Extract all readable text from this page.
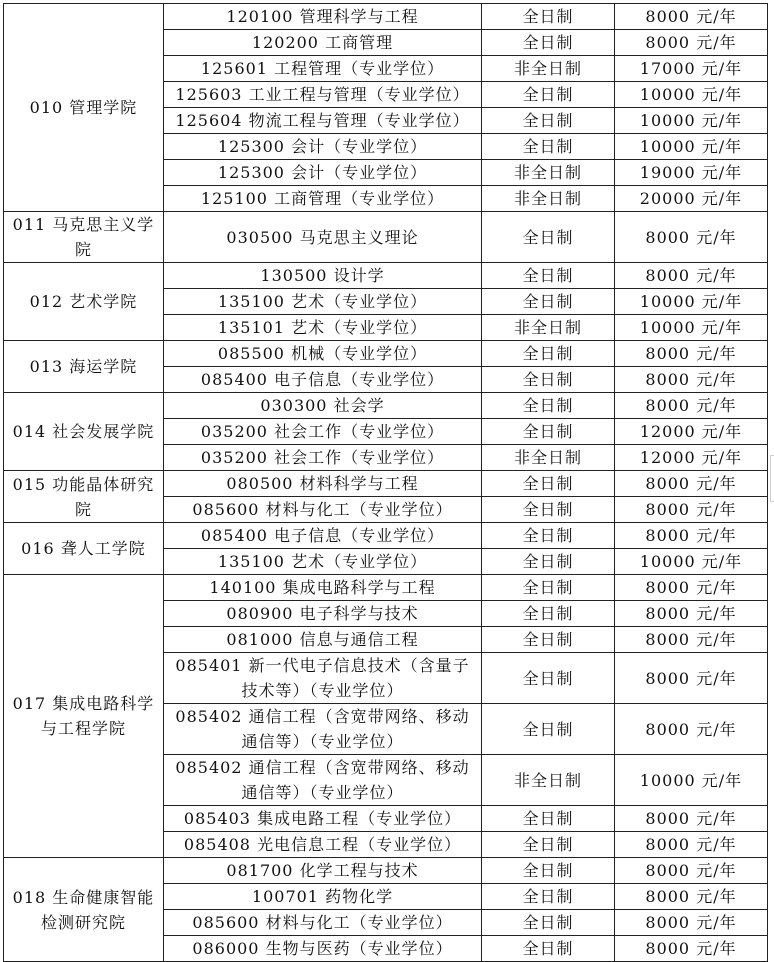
010 管理学院	120100 管理科学与工程	全日制	8000 元/年
	120200 工商管理	全日制	8000 元/年
	125601 工程管理（专业学位）	非全日制	17000 元/年
	125603 工业工程与管理（专业学位）	全日制	10000 元/年
	125604 物流工程与管理（专业学位）	全日制	10000 元/年
	125300 会计（专业学位）	全日制	10000 元/年
	125300 会计（专业学位）	非全日制	19000 元/年
	125100 工商管理（专业学位）	非全日制	20000 元/年
011 马克思主义学院	030500 马克思主义理论	全日制	8000 元/年
012 艺术学院	130500 设计学	全日制	8000 元/年
	135100 艺术（专业学位）	全日制	10000 元/年
	135101 艺术（专业学位）	非全日制	10000 元/年
013 海运学院	085500 机械（专业学位）	全日制	8000 元/年
	085400 电子信息（专业学位）	全日制	8000 元/年
014 社会发展学院	030300 社会学	全日制	8000 元/年
	035200 社会工作（专业学位）	全日制	12000 元/年
	035200 社会工作（专业学位）	非全日制	12000 元/年
015 功能晶体研究院	080500 材料科学与工程	全日制	8000 元/年
	085600 材料与化工（专业学位）	全日制	8000 元/年
016 聋人工学院	085400 电子信息（专业学位）	全日制	8000 元/年
	135100 艺术（专业学位）	全日制	10000 元/年
017 集成电路科学与工程学院	140100 集成电路科学与工程	全日制	8000 元/年
	080900 电子科学与技术	全日制	8000 元/年
	081000 信息与通信工程	全日制	8000 元/年
	085401 新一代电子信息技术（含量子技术等）（专业学位）	全日制	8000 元/年
	085402 通信工程（含宽带网络、移动通信等）（专业学位）	全日制	8000 元/年
	085402 通信工程（含宽带网络、移动通信等）（专业学位）	非全日制	10000 元/年
	085403 集成电路工程（专业学位）	全日制	8000 元/年
	085408 光电信息工程（专业学位）	全日制	8000 元/年
018 生命健康智能检测研究院	081700 化学工程与技术	全日制	8000 元/年
	100701 药物化学	全日制	8000 元/年
	085600 材料与化工（专业学位）	全日制	8000 元/年
	086000 生物与医药（专业学位）	全日制	8000 元/年
